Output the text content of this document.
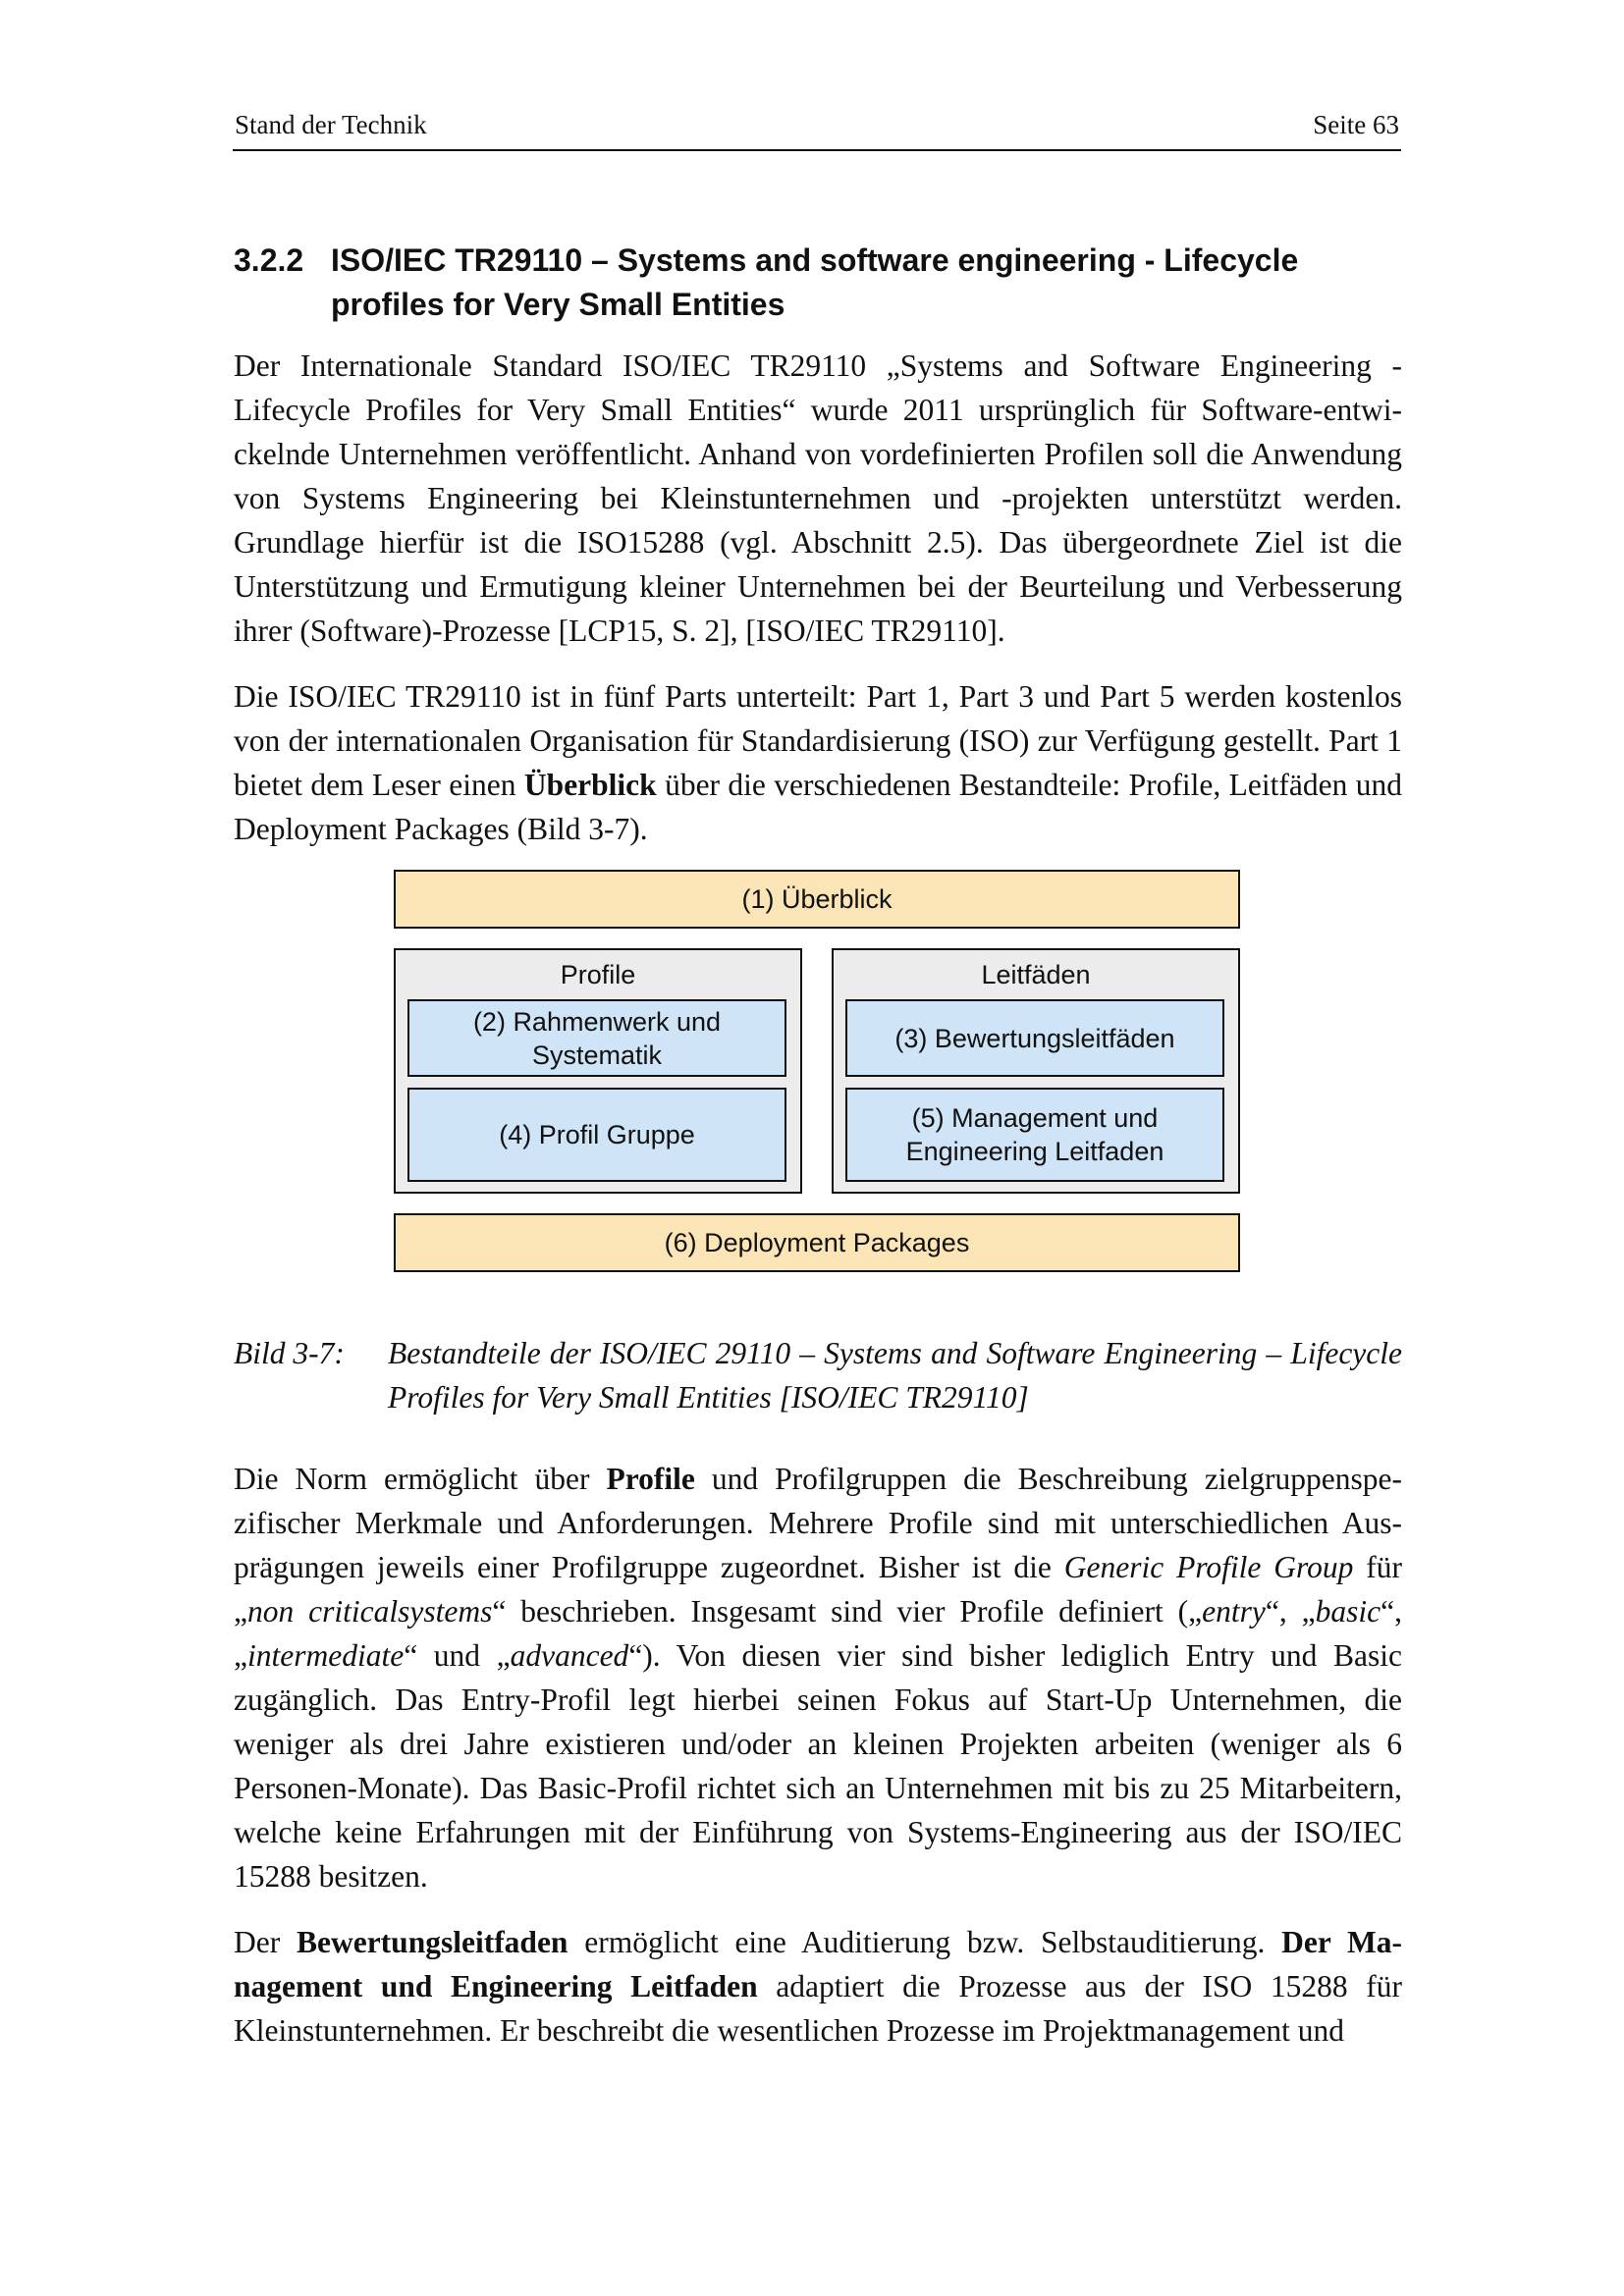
Stand der Technik	Seite 63
3.2.2 ISO/IEC TR29110 – Systems and software engineering - Lifecycle profiles for Very Small Entities

Der Internationale Standard ISO/IEC TR29110 „Systems and Software Engineering - Lifecycle Profiles for Very Small Entities“ wurde 2011 ursprünglich für Software-entwickelnde Unternehmen veröffentlicht. Anhand von vordefinierten Profilen soll die Anwendung von Systems Engineering bei Kleinstunternehmen und -projekten unterstützt werden. Grundlage hierfür ist die ISO15288 (vgl. Abschnitt 2.5). Das übergeordnete Ziel ist die Unterstützung und Ermutigung kleiner Unternehmen bei der Beurteilung und Verbesserung ihrer (Software)-Prozesse [LCP15, S. 2], [ISO/IEC TR29110].

Die ISO/IEC TR29110 ist in fünf Parts unterteilt: Part 1, Part 3 und Part 5 werden kostenlos von der internationalen Organisation für Standardisierung (ISO) zur Verfügung gestellt. Part 1 bietet dem Leser einen Überblick über die verschiedenen Bestandteile: Profile, Leitfäden und Deployment Packages (Bild 3-7).

(1) Überblick
Profile
(2) Rahmenwerk und Systematik
(4) Profil Gruppe
Leitfäden
(3) Bewertungsleitfäden
(5) Management und Engineering Leitfaden
(6) Deployment Packages
Bild 3-7: Bestandteile der ISO/IEC 29110 – Systems and Software Engineering – Lifecycle Profiles for Very Small Entities [ISO/IEC TR29110]

Die Norm ermöglicht über Profile und Profilgruppen die Beschreibung zielgruppenspezifischer Merkmale und Anforderungen. Mehrere Profile sind mit unterschiedlichen Ausprägungen jeweils einer Profilgruppe zugeordnet. Bisher ist die Generic Profile Group für „non criticalsystems“ beschrieben. Insgesamt sind vier Profile definiert („entry“, „basic“, „intermediate“ und „advanced“). Von diesen vier sind bisher lediglich Entry und Basic zugänglich. Das Entry-Profil legt hierbei seinen Fokus auf Start-Up Unternehmen, die weniger als drei Jahre existieren und/oder an kleinen Projekten arbeiten (weniger als 6 Personen-Monate). Das Basic-Profil richtet sich an Unternehmen mit bis zu 25 Mitarbeitern, welche keine Erfahrungen mit der Einführung von Systems-Engineering aus der ISO/IEC 15288 besitzen.

Der Bewertungsleitfaden ermöglicht eine Auditierung bzw. Selbstauditierung. Der Management und Engineering Leitfaden adaptiert die Prozesse aus der ISO 15288 für Kleinstunternehmen. Er beschreibt die wesentlichen Prozesse im Projektmanagement und
